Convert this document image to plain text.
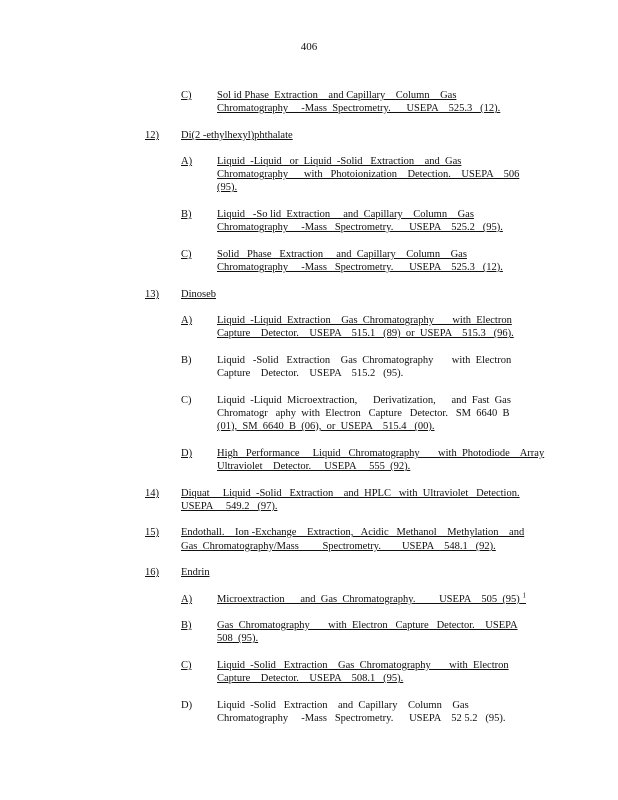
406
C) Sol id Phase  Extraction    and Capillary    Column    Gas
Chromatography     -Mass  Spectrometry.      USEPA    525.3   (12).
12) Di(2 -ethylhexyl)phthalate
A) Liquid  -Liquid   or  Liquid  -Solid   Extraction    and  Gas
Chromatography      with   Photoionization    Detection.    USEPA    506
(95).
B) Liquid   -So lid  Extraction     and  Capillary    Column    Gas
Chromatography     -Mass   Spectrometry.      USEPA    525.2   (95).
C) Solid   Phase   Extraction     and  Capillary    Column    Gas
Chromatography     -Mass   Spectrometry.      USEPA    525.3   (12).
13) Dinoseb
A) Liquid  -Liquid  Extraction    Gas  Chromatography       with  Electron
Capture    Detector.    USEPA    515.1   (89)  or  USEPA    515.3   (96).
B) Liquid   -Solid   Extraction    Gas  Chromatography       with  Electron
Capture    Detector.    USEPA    515.2   (95).
C) Liquid  -Liquid  Microextraction,      Derivatization,      and  Fast  Gas
Chromatogr   aphy  with  Electron   Capture   Detector.   SM  6640  B
(01),  SM  6640  B  (06),  or  USEPA    515.4   (00).
D) High   Performance     Liquid   Chromatography       with  Photodiode    Array
Ultraviolet    Detector.     USEPA     555  (92).
14) Diquat     Liquid  -Solid   Extraction    and  HPLC   with  Ultraviolet   Detection.
USEPA     549.2   (97).
15) Endothall.    Ion -Exchange    Extraction,   Acidic   Methanol    Methylation    and
Gas  Chromatography/Mass         Spectrometry.        USEPA    548.1   (92).
16) Endrin
A) Microextraction      and  Gas  Chromatography.         USEPA    505  (95) $^1$
B) Gas  Chromatography       with  Electron   Capture   Detector.    USEPA
508  (95).
C) Liquid  -Solid   Extraction    Gas  Chromatography       with  Electron
Capture    Detector.    USEPA    508.1   (95).
D) Liquid  -Solid   Extraction    and  Capillary    Column    Gas
Chromatography     -Mass   Spectrometry.      USEPA    52 5.2   (95).
